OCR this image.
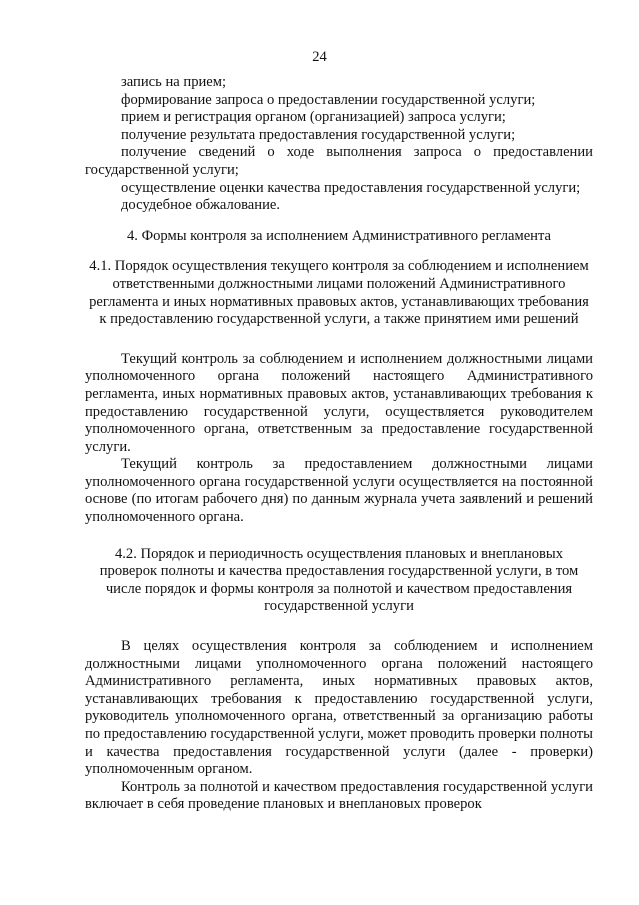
24

запись на прием;

формирование запроса о предоставлении государственной услуги;

прием и регистрация органом (организацией) запроса услуги;

получение результата предоставления государственной услуги;

получение сведений о ходе выполнения запроса о предоставлении государственной услуги;

осуществление оценки качества предоставления государственной услуги;

досудебное обжалование.

4. Формы контроля за исполнением Административного регламента

4.1. Порядок осуществления текущего контроля за соблюдением и исполнением ответственными должностными лицами положений Административного регламента и иных нормативных правовых актов, устанавливающих требования к предоставлению государственной услуги, а также принятием ими решений

Текущий контроль за соблюдением и исполнением должностными лицами уполномоченного органа положений настоящего Административного регламента, иных нормативных правовых актов, устанавливающих требования к предоставлению государственной услуги, осуществляется руководителем уполномоченного органа, ответственным за предоставление государственной услуги.

Текущий контроль за предоставлением должностными лицами уполномоченного органа государственной услуги осуществляется на постоянной основе (по итогам рабочего дня) по данным журнала учета заявлений и решений уполномоченного органа.

4.2. Порядок и периодичность осуществления плановых и внеплановых проверок полноты и качества предоставления государственной услуги, в том числе порядок и формы контроля за полнотой и качеством предоставления государственной услуги

В целях осуществления контроля за соблюдением и исполнением должностными лицами уполномоченного органа положений настоящего Административного регламента, иных нормативных правовых актов, устанавливающих требования к предоставлению государственной услуги, руководитель уполномоченного органа, ответственный за организацию работы по предоставлению государственной услуги, может проводить проверки полноты и качества предоставления государственной услуги (далее - проверки) уполномоченным органом.

Контроль за полнотой и качеством предоставления государственной услуги включает в себя проведение плановых и внеплановых проверок
